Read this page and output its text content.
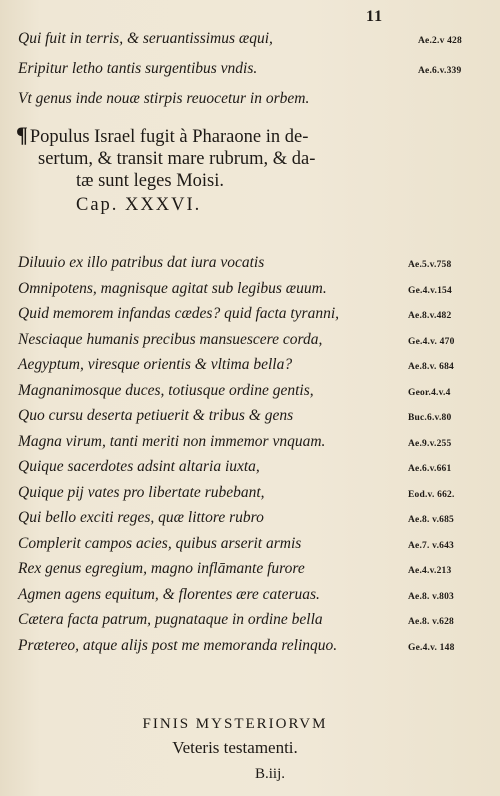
11
Qui fuit in terris, & seruantissimus æqui,	Ae.2.v 428
Eripitur letho tantis surgentibus vndis.	Ae.6.v.339
Vt genus inde nouæ stirpis reuocetur in orbem.
¶ Populus Israel fugit à Pharaone in de-
sertum, & transit mare rubrum, & da-
tæ sunt leges Moisi.
Cap. XXXVI.
Diluuio ex illo patribus dat iura vocatis	Ae.5.v.758
Omnipotens, magnisque agitat sub legibus æuum.	Ge.4.v.154
Quid memorem infandas cædes? quid facta tyranni,	Ae.8.v.482
Nesciaque humanis precibus mansuescere corda,	Ge.4.v. 470
Aegyptum, viresque orientis & vltima bella?	Ae.8.v. 684
Magnanimosque duces, totiusque ordine gentis,	Geor.4.v.4
Quo cursu deserta petiuerit & tribus & gens	Buc.6.v.80
Magna virum, tanti meriti non immemor vnquam.	Ae.9.v.255
Quique sacerdotes adsint altaria iuxta,	Ae.6.v.661
Quique pij vates pro libertate rubebant,	Eod.v. 662.
Qui bello exciti reges, quæ littore rubro	Ae.8. v.685
Complerit campos acies, quibus arserit armis	Ae.7. v.643
Rex genus egregium, magno inflāmante furore	Ae.4.v.213
Agmen agens equitum, & florentes ære cateruas.	Ae.8. v.803
Cætera facta patrum, pugnataque in ordine bella	Ae.8. v.628
Prætereo, atque alijs post me memoranda relinquo.	Ge.4.v. 148
FINIS MYSTERIORVM
Veteris testamenti.
B.iij.
